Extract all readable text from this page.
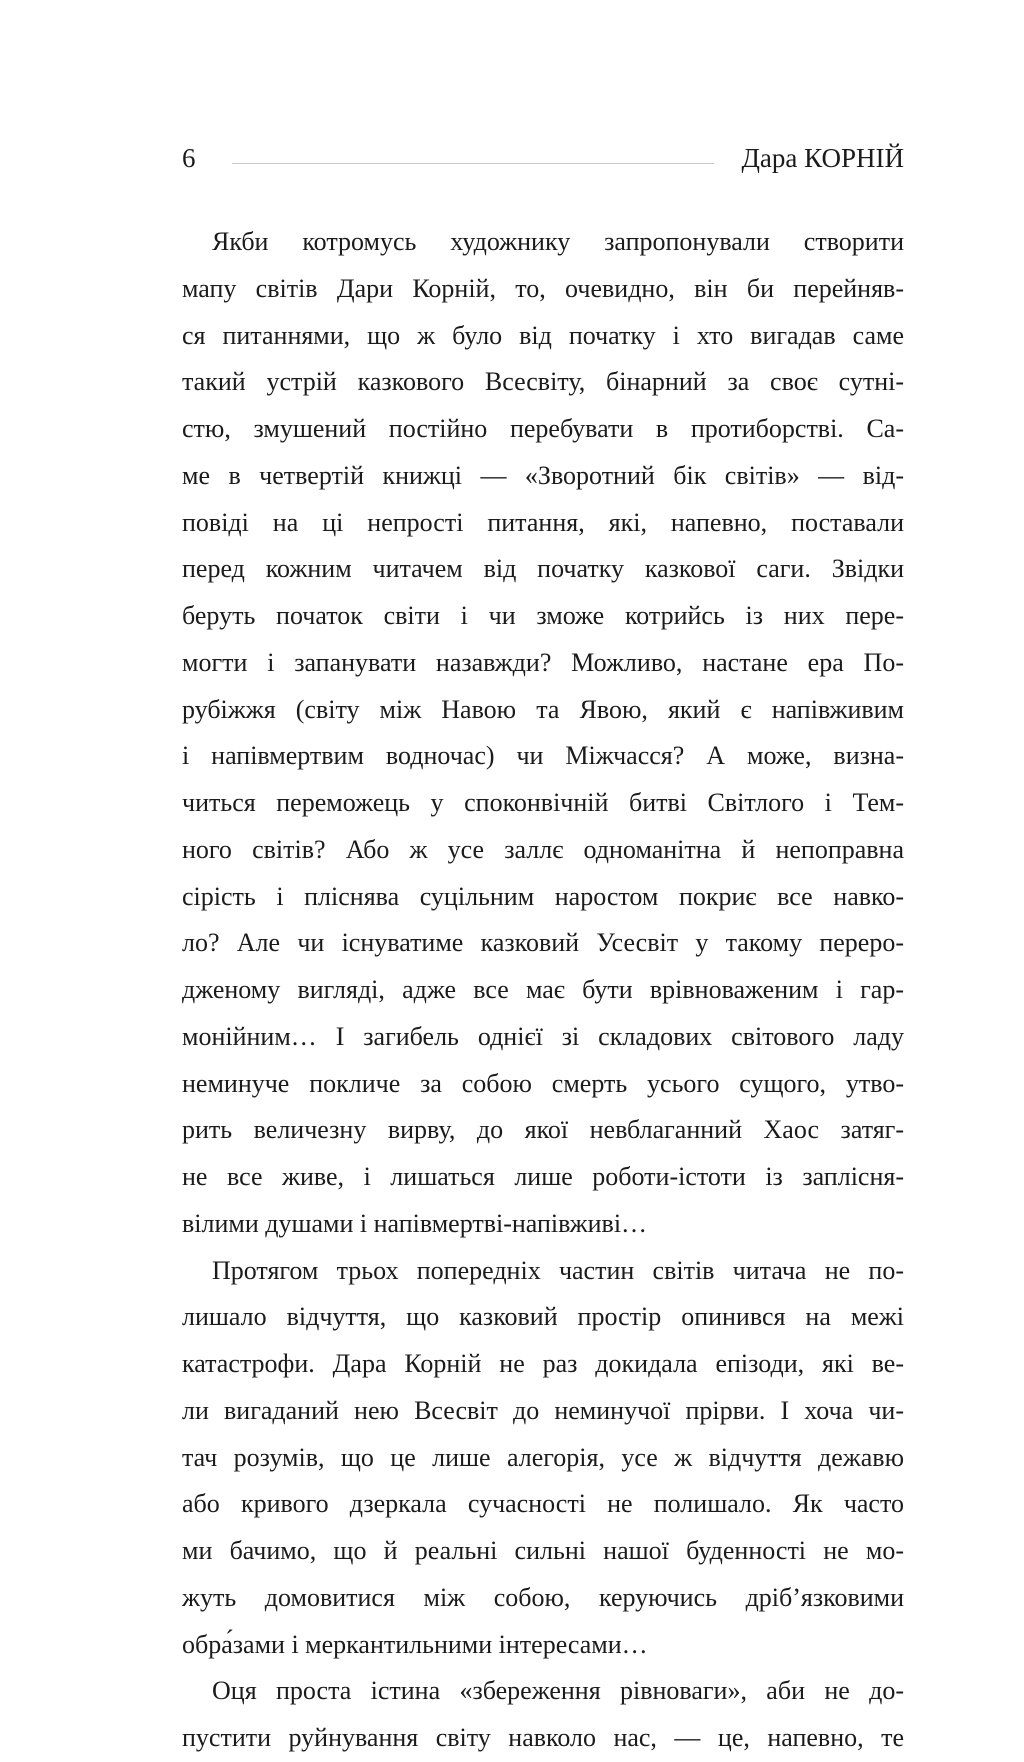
6	Дара КОРНІЙ

Якби котромусь художнику запропонували створити
мапу світів Дари Корній, то, очевидно, він би перейняв-
ся питаннями, що ж було від початку і хто вигадав саме
такий устрій казкового Всесвіту, бінарний за своє сутні-
стю, змушений постійно перебувати в протиборстві. Са-
ме в четвертій книжці — «Зворотний бік світів» — від-
повіді на ці непрості питання, які, напевно, поставали
перед кожним читачем від початку казкової саги. Звідки
беруть початок світи і чи зможе котрийсь із них пере-
могти і запанувати назавжди? Можливо, настане ера По-
рубіжжя (світу між Навою та Явою, який є напівживим
і напівмертвим водночас) чи Міжчасся? А може, визна-
читься переможець у споконвічній битві Світлого і Тем-
ного світів? Або ж усе заллє одноманітна й непоправна
сірість і пліснява суцільним наростом покриє все навко-
ло? Але чи існуватиме казковий Усесвіт у такому переро-
дженому вигляді, адже все має бути врівноваженим і гар-
монійним… І загибель однієї зі складових світового ладу
неминуче покличе за собою смерть усього сущого, утво-
рить величезну вирву, до якої невблаганний Хаос затяг-
не все живе, і лишаться лише роботи-істоти із заплісня-
вілими душами і напівмертві-напівживі…

Протягом трьох попередніх частин світів читача не по-
лишало відчуття, що казковий простір опинився на межі
катастрофи. Дара Корній не раз докидала епізоди, які ве-
ли вигаданий нею Всесвіт до неминучої прірви. І хоча чи-
тач розумів, що це лише алегорія, усе ж відчуття дежавю
або кривого дзеркала сучасності не полишало. Як часто
ми бачимо, що й реальні сильні нашої буденності не мо-
жуть домовитися між собою, керуючись дріб’язковими
обра́зами і меркантильними інтересами…

Оця проста істина «збереження рівноваги», аби не до-
пустити руйнування світу навколо нас, — це, напевно, те
